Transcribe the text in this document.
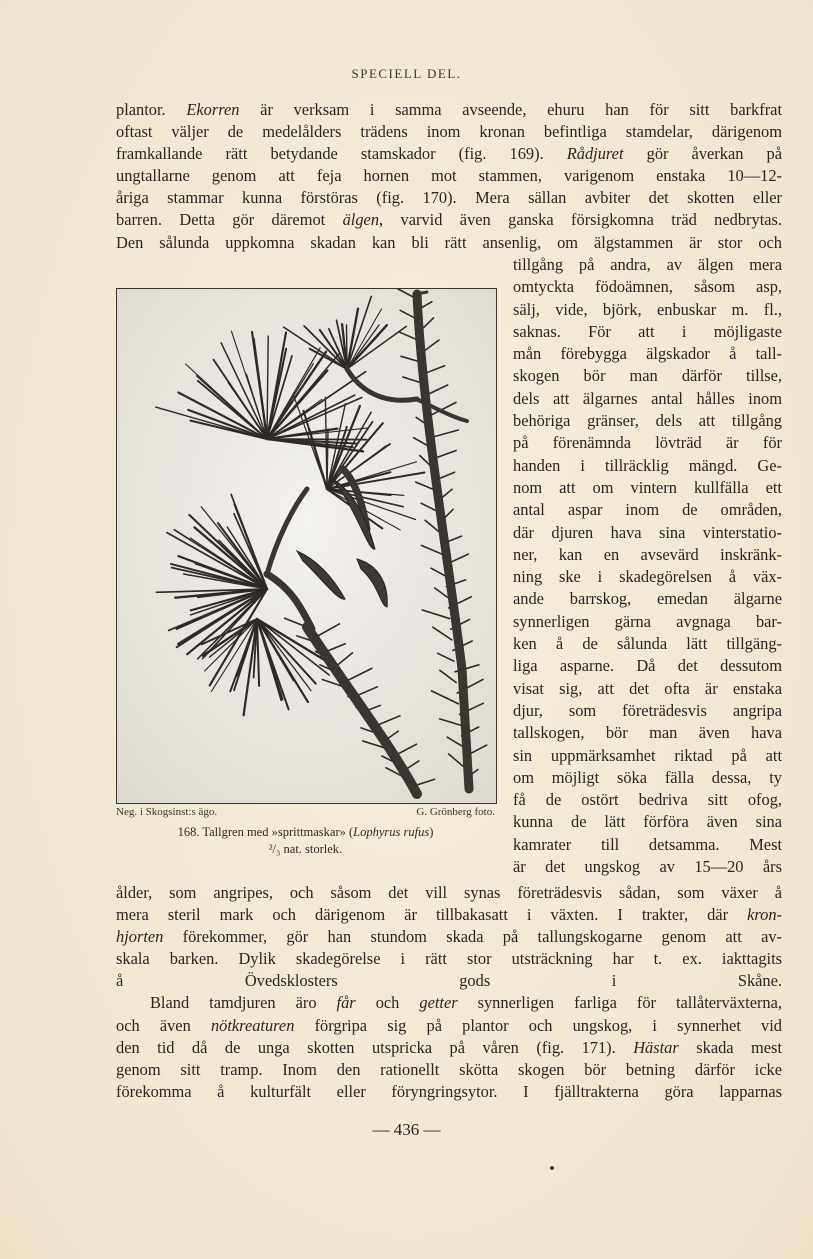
SPECIELL DEL.
plantor. Ekorren är verksam i samma avseende, ehuru han för sitt barkfrat
oftast väljer de medelålders trädens inom kronan befintliga stamdelar, därigenom
framkallande rätt betydande stamskador (fig. 169). Rådjuret gör åverkan på
ungtallarne genom att feja hornen mot stammen, varigenom enstaka 10—12-
åriga stammar kunna förstöras (fig. 170). Mera sällan avbiter det skotten eller
barren. Detta gör däremot älgen, varvid även ganska försigkomna träd nedbrytas.
Den sålunda uppkomna skadan kan bli rätt ansenlig, om älgstammen är stor och
Neg. i Skogsinst:s ägo.	G. Grönberg foto.
168. Tallgren med »sprittmaskar» (Lophyrus rufus)
²/₃ nat. storlek.
tillgång på andra, av älgen mera
omtyckta födoämnen, såsom asp,
sälj, vide, björk, enbuskar m. fl.,
saknas. För att i möjligaste
mån förebygga älgskador å tall-
skogen bör man därför tillse,
dels att älgarnes antal hålles inom
behöriga gränser, dels att tillgång
på förenämnda lövträd är för
handen i tillräcklig mängd. Ge-
nom att om vintern kullfälla ett
antal aspar inom de områden,
där djuren hava sina vinterstatio-
ner, kan en avsevärd inskränk-
ning ske i skadegörelsen å väx-
ande barrskog, emedan älgarne
synnerligen gärna avgnaga bar-
ken å de sålunda lätt tillgäng-
liga asparne. Då det dessutom
visat sig, att det ofta är enstaka
djur, som företrädesvis angripa
tallskogen, bör man även hava
sin uppmärksamhet riktad på att
om möjligt söka fälla dessa, ty
få de ostört bedriva sitt ofog,
kunna de lätt förföra även sina
kamrater till detsamma. Mest
är det ungskog av 15—20 års
ålder, som angripes, och såsom det vill synas företrädesvis sådan, som växer å
mera steril mark och därigenom är tillbakasatt i växten. I trakter, där kron-
hjorten förekommer, gör han stundom skada på tallungskogarne genom att av-
skala barken. Dylik skadegörelse i rätt stor utsträckning har t. ex. iakttagits
å Övedsklosters gods i Skåne.
Bland tamdjuren äro får och getter synnerligen farliga för tallåterväxterna,
och även nötkreaturen förgripa sig på plantor och ungskog, i synnerhet vid
den tid då de unga skotten utspricka på våren (fig. 171). Hästar skada mest
genom sitt tramp. Inom den rationellt skötta skogen bör betning därför icke
förekomma å kulturfält eller föryngringsytor. I fjälltrakterna göra lapparnas
— 436 —
